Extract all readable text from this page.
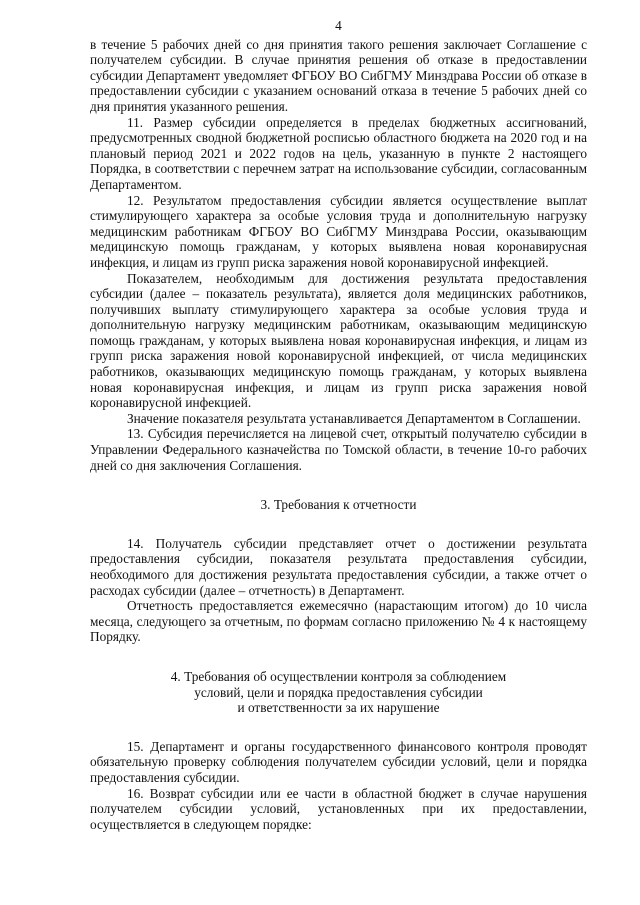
4

в течение 5 рабочих дней со дня принятия такого решения заключает Соглашение с получателем субсидии. В случае принятия решения об отказе в предоставлении субсидии Департамент уведомляет ФГБОУ ВО СибГМУ Минздрава России об отказе в предоставлении субсидии с указанием оснований отказа в течение 5 рабочих дней со дня принятия указанного решения.

11. Размер субсидии определяется в пределах бюджетных ассигнований, предусмотренных сводной бюджетной росписью областного бюджета на 2020 год и на плановый период 2021 и 2022 годов на цель, указанную в пункте 2 настоящего Порядка, в соответствии с перечнем затрат на использование субсидии, согласованным Департаментом.

12. Результатом предоставления субсидии является осуществление выплат стимулирующего характера за особые условия труда и дополнительную нагрузку медицинским работникам ФГБОУ ВО СибГМУ Минздрава России, оказывающим медицинскую помощь гражданам, у которых выявлена новая коронавирусная инфекция, и лицам из групп риска заражения новой коронавирусной инфекцией.

Показателем, необходимым для достижения результата предоставления субсидии (далее – показатель результата), является доля медицинских работников, получивших выплату стимулирующего характера за особые условия труда и дополнительную нагрузку медицинским работникам, оказывающим медицинскую помощь гражданам, у которых выявлена новая коронавирусная инфекция, и лицам из групп риска заражения новой коронавирусной инфекцией, от числа медицинских работников, оказывающих медицинскую помощь гражданам, у которых выявлена новая коронавирусная инфекция, и лицам из групп риска заражения новой коронавирусной инфекцией.

Значение показателя результата устанавливается Департаментом в Соглашении.

13. Субсидия перечисляется на лицевой счет, открытый получателю субсидии в Управлении Федерального казначейства по Томской области, в течение 10-го рабочих дней со дня заключения Соглашения.

3. Требования к отчетности

14. Получатель субсидии представляет отчет о достижении результата предоставления субсидии, показателя результата предоставления субсидии, необходимого для достижения результата предоставления субсидии, а также отчет о расходах субсидии (далее – отчетность) в Департамент.

Отчетность предоставляется ежемесячно (нарастающим итогом) до 10 числа месяца, следующего за отчетным, по формам согласно приложению № 4 к настоящему Порядку.

4. Требования об осуществлении контроля за соблюдением
условий, цели и порядка предоставления субсидии
и ответственности за их нарушение

15. Департамент и органы государственного финансового контроля проводят обязательную проверку соблюдения получателем субсидии условий, цели и порядка предоставления субсидии.

16. Возврат субсидии или ее части в областной бюджет в случае нарушения получателем субсидии условий, установленных при их предоставлении, осуществляется в следующем порядке:
